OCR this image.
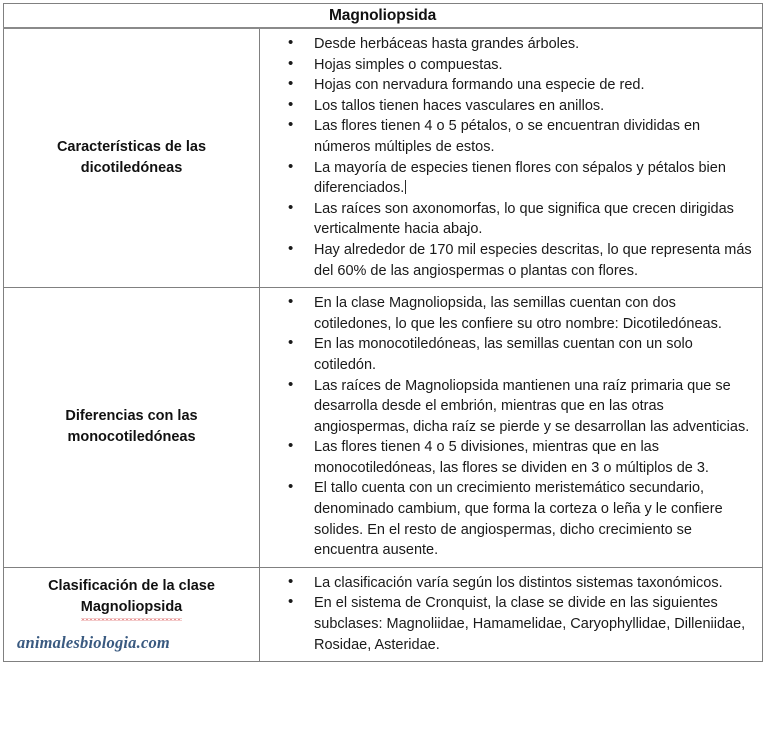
Magnoliopsida	

Características de las
dicotiledóneas

• Desde herbáceas hasta grandes árboles.
• Hojas simples o compuestas.
• Hojas con nervadura formando una especie de red.
• Los tallos tienen haces vasculares en anillos.
• Las flores tienen 4 o 5 pétalos, o se encuentran divididas en números múltiples de estos.
• La mayoría de especies tienen flores con sépalos y pétalos bien diferenciados.
• Las raíces son axonomorfas, lo que significa que crecen dirigidas verticalmente hacia abajo.
• Hay alrededor de 170 mil especies descritas, lo que representa más del 60% de las angiospermas o plantas con flores.

Diferencias con las
monocotiledóneas

• En la clase Magnoliopsida, las semillas cuentan con dos cotiledones, lo que les confiere su otro nombre: Dicotiledóneas.
• En las monocotiledóneas, las semillas cuentan con un solo cotiledón.
• Las raíces de Magnoliopsida mantienen una raíz primaria que se desarrolla desde el embrión, mientras que en las otras angiospermas, dicha raíz se pierde y se desarrollan las adventicias.
• Las flores tienen 4 o 5 divisiones, mientras que en las monocotiledóneas, las flores se dividen en 3 o múltiplos de 3.
• El tallo cuenta con un crecimiento meristemático secundario, denominado cambium, que forma la corteza o leña y le confiere solides. En el resto de angiospermas, dicho crecimiento se encuentra ausente.

Clasificación de la clase
Magnoliopsida
animalesbiologia.com

• La clasificación varía según los distintos sistemas taxonómicos.
• En el sistema de Cronquist, la clase se divide en las siguientes subclases: Magnoliidae, Hamamelidae, Caryophyllidae, Dilleniidae, Rosidae, Asteridae.
